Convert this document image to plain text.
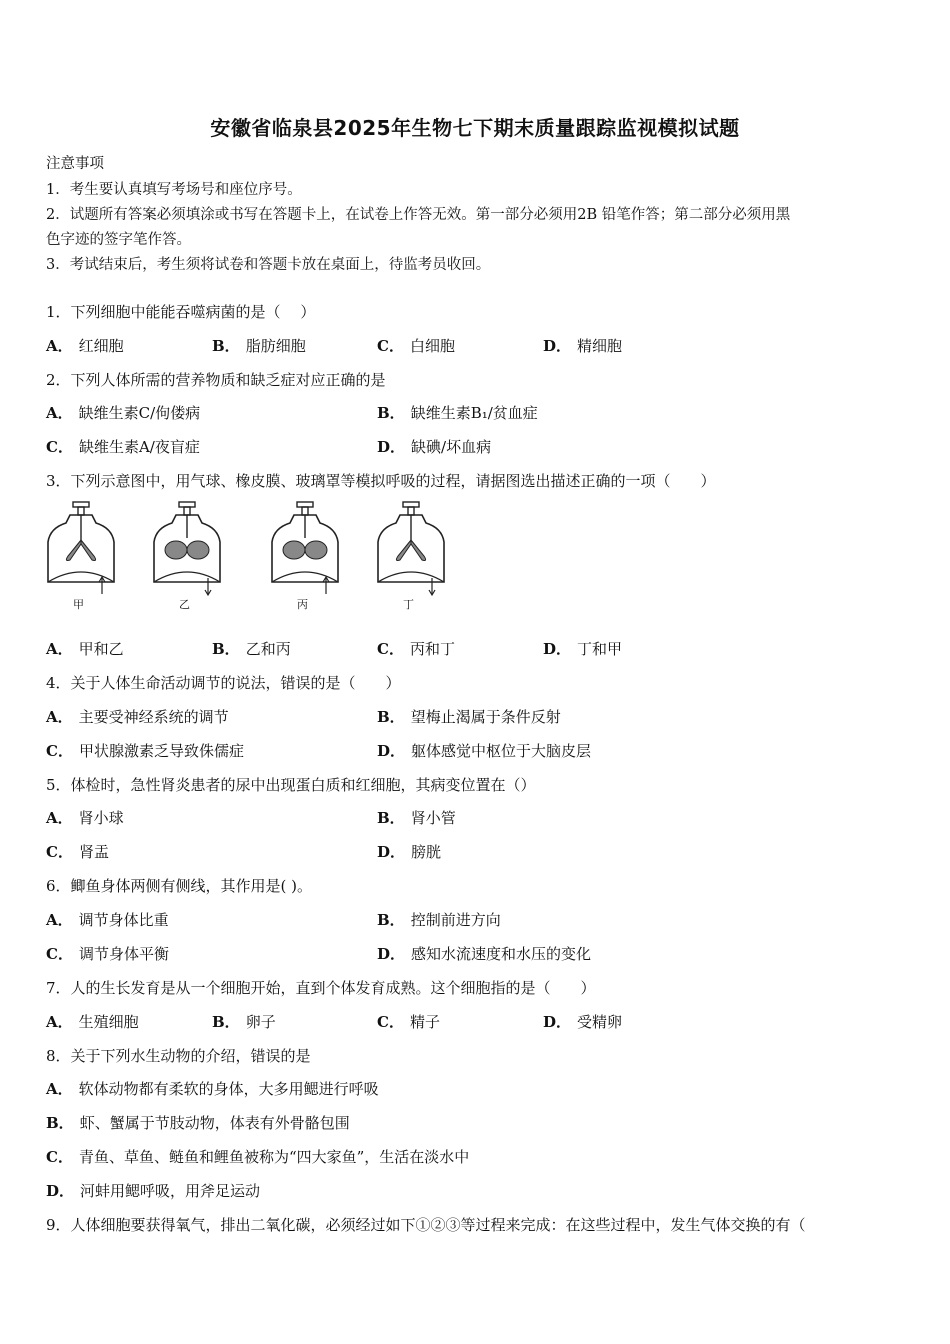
安徽省临泉县2025年生物七下期末质量跟踪监视模拟试题
注意事项
1．考生要认真填写考场号和座位序号。
2．试题所有答案必须填涂或书写在答题卡上，在试卷上作答无效。第一部分必须用2B 铅笔作答；第二部分必须用黑
色字迹的签字笔作答。
3．考试结束后，考生须将试卷和答题卡放在桌面上，待监考员收回。
1．下列细胞中能能吞噬病菌的是（　 ）
A． 红细胞	B． 脂肪细胞	C． 白细胞	D． 精细胞
2．下列人体所需的营养物质和缺乏症对应正确的是
A． 缺维生素C/佝偻病	B． 缺维生素B₁/贫血症
C． 缺维生素A/夜盲症	D． 缺碘/坏血病
3．下列示意图中，用气球、橡皮膜、玻璃罩等模拟呼吸的过程，请据图选出描述正确的一项（　　）
甲	乙	丙	丁
A． 甲和乙	B． 乙和丙	C． 丙和丁	D． 丁和甲
4．关于人体生命活动调节的说法，错误的是（　　）
A． 主要受神经系统的调节	B． 望梅止渴属于条件反射
C． 甲状腺激素乏导致侏儒症	D． 躯体感觉中枢位于大脑皮层
5．体检时，急性肾炎患者的尿中出现蛋白质和红细胞，其病变位置在（）
A． 肾小球	B． 肾小管
C． 肾盂	D． 膀胱
6．鲫鱼身体两侧有侧线，其作用是( )。
A． 调节身体比重	B． 控制前进方向
C． 调节身体平衡	D． 感知水流速度和水压的变化
7．人的生长发育是从一个细胞开始，直到个体发育成熟。这个细胞指的是（　　）
A． 生殖细胞	B． 卵子	C． 精子	D． 受精卵
8．关于下列水生动物的介绍，错误的是
A． 软体动物都有柔软的身体，大多用鳃进行呼吸
B． 虾、蟹属于节肢动物，体表有外骨骼包围
C． 青鱼、草鱼、鲢鱼和鲤鱼被称为“四大家鱼”，生活在淡水中
D． 河蚌用鳃呼吸，用斧足运动
9．人体细胞要获得氧气，排出二氧化碳，必须经过如下①②③等过程来完成：在这些过程中，发生气体交换的有（
